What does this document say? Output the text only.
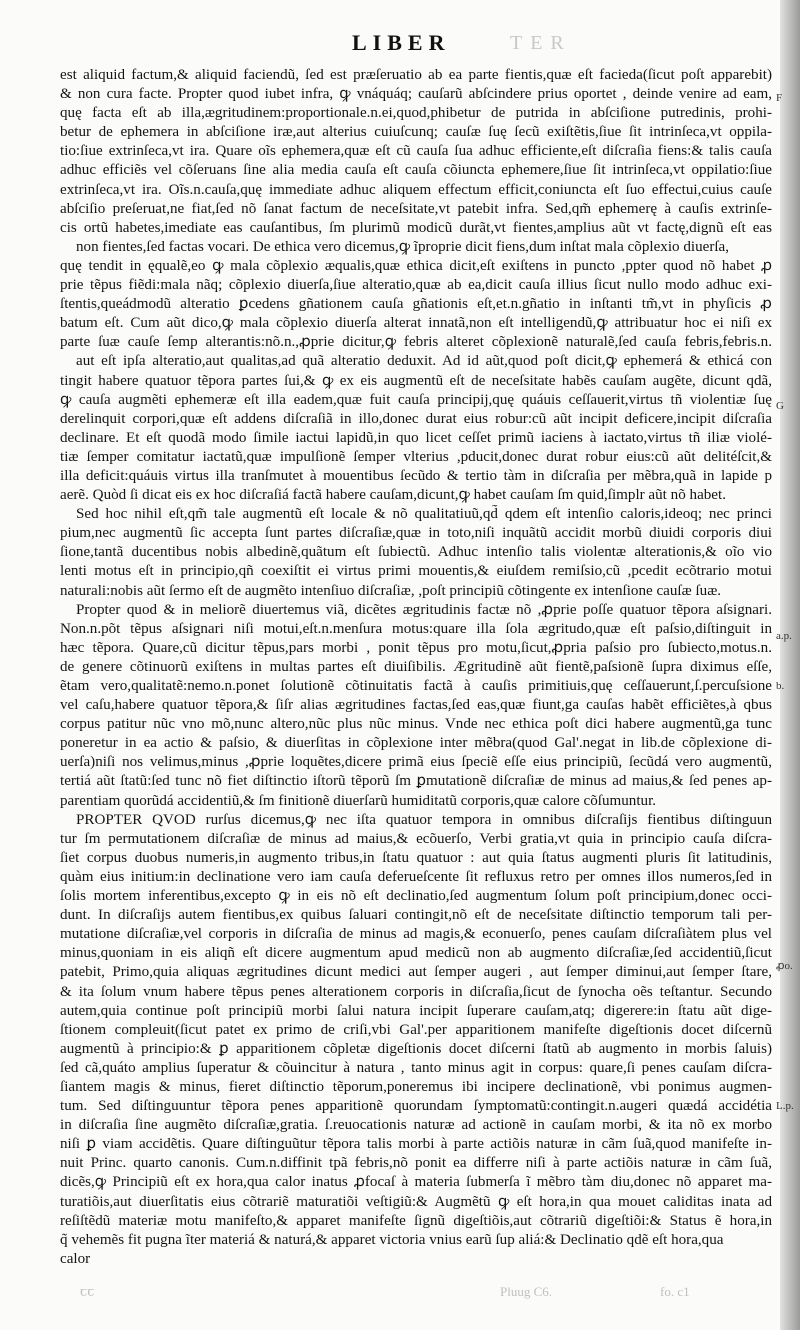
TER
LIBER
est aliquid factum,& aliquid faciendũ, ſed est præſeruatio ab ea parte fientis,quæ eſt facieda(ſicut poſt apparebit)
& non cura facte. Propter quod iubet infra, ꝙ vnáquáq; cauſarũ abſcindere prius oportet , deinde venire ad eam,
quę facta eſt ab illa,ægritudinem:proportionale.n.ei,quod,phibetur de putrida in abſciſione putredinis, prohi-
betur de ephemera in abſciſione iræ,aut alterius cuiuſcunq; cauſæ ſuę ſecũ exiſtẽtis,ſiue ſit intrinſeca,vt oppila-
tio:ſiue extrinſeca,vt ira. Quare oĩs ephemera,quæ eſt cũ cauſa ſua adhuc efficiente,eſt diſcraſia fiens:& talis cauſa
adhuc efficiẽs vel cõſeruans ſine alia media cauſa eſt cauſa cõiuncta ephemere,ſiue ſit intrinſeca,vt oppilatio:ſiue
extrinſeca,vt ira. Oĩs.n.cauſa,quę immediate adhuc aliquem effectum efficit,coniuncta eſt ſuo effectui,cuius cauſe
abſciſio preſeruat,ne fiat,ſed nõ ſanat factum de neceſsitate,vt patebit infra. Sed,qm̃ ephemerę à cauſis extrinſe-
cis ortũ habetes,imediate eas cauſantibus, ſm plurimũ modicũ durãt,vt fientes,amplius aũt vt factę,dignũ eſt eas
non fientes,ſed factas vocari. De ethica vero dicemus,ꝙ ĩproprie dicit fiens,dum inſtat mala cõplexio diuerſa,
quę tendit in ęqualẽ,eo ꝙ mala cõplexio æqualis,quæ ethica dicit,eſt exiſtens in puncto ,ppter quod nõ habet ꝓ
prie tẽpus fiẽdi:mala nãq; cõplexio diuerſa,ſiue alteratio,quæ ab ea,dicit cauſa illius ſicut nullo modo adhuc exi-
ſtentis,queádmodũ alteratio ꝑcedens gñationem cauſa gñationis eſt,et.n.gñatio in inſtanti tm̃,vt in phyſicis ꝓ
batum eſt. Cum aũt dico,ꝙ mala cõplexio diuerſa alterat innatã,non eſt intelligendũ,ꝙ attribuatur hoc ei niſi ex
parte ſuæ cauſe ſemp alterantis:nõ.n.,ꝓprie dicitur,ꝙ febris alteret cõplexionẽ naturalẽ,ſed cauſa febris,febris.n.
aut eſt ipſa alteratio,aut qualitas,ad quã alteratio deduxit. Ad id aũt,quod poſt dicit,ꝙ ephemerá & ethicá con
tingit habere quatuor tẽpora partes ſui,& ꝙ ex eis augmentũ eſt de neceſsitate habẽs cauſam augẽte, dicunt qdã,
ꝙ cauſa augmẽti ephemeræ eſt illa eadem,quæ fuit cauſa principij,quę quáuis ceſſauerit,virtus tñ violentiæ ſuę
derelinquit corpori,quæ eſt addens diſcraſiã in illo,donec durat eius robur:cũ aũt incipit deficere,incipit diſcraſia
declinare. Et eſt quodã modo ſimile iactui lapidũ,in quo licet ceſſet primũ iaciens à iactato,virtus tñ iliæ violé-
tiæ ſemper comitatur iactatũ,quæ impulſionẽ ſemper vlterius ,pducit,donec durat robur eius:cũ aũt delitéſcit,&
illa deficit:quáuis virtus illa tranſmutet à mouentibus ſecũdo & tertio tàm in diſcraſia per mẽbra,quã in lapide p
aerẽ. Quòd ſi dicat eis ex hoc diſcraſiá factã habere cauſam,dicunt,ꝙ habet cauſam ſm quid,ſimplr aũt nõ habet.
Sed hoc nihil eſt,qm̃ tale augmentũ eſt locale & nõ qualitatiuũ,qd̃ qdem eſt intenſio caloris,ideoq; nec princi
pium,nec augmentũ ſic accepta ſunt partes diſcraſiæ,quæ in toto,niſi inquãtũ accidit morbũ diuidi corporis diui
ſione,tantã ducentibus nobis albedinẽ,quãtum eſt ſubiectũ. Adhuc intenſio talis violentæ alterationis,& oĩo vio
lenti motus eſt in principio,qñ coexiſtit ei virtus primi mouentis,& eiuſdem remiſsio,cũ ,pcedit ecõtrario motui
naturali:nobis aũt ſermo eſt de augmẽto intenſiuo diſcraſiæ, ,poſt principiũ cõtingente ex intenſione cauſæ ſuæ.
Propter quod & in meliorẽ diuertemus viã, dicẽtes ægritudinis factæ nõ ,ꝓprie poſſe quatuor tẽpora aſsignari.
Non.n.põt tẽpus aſsignari niſi motui,eſt.n.menſura motus:quare illa ſola ægritudo,quæ eſt paſsio,diſtinguit in
hæc tẽpora. Quare,cũ dicitur tẽpus,pars morbi , ponit tẽpus pro motu,ſicut,ꝓpria paſsio pro ſubiecto,motus.n.
de genere cõtinuorũ exiſtens in multas partes eſt diuiſibilis. Ægritudinẽ aũt fientẽ,paſsionẽ ſupra diximus eſſe,
ẽtam vero,qualitatẽ:nemo.n.ponet ſolutionẽ cõtinuitatis factã à cauſis primitiuis,quę ceſſauerunt,ſ.percuſsione
vel caſu,habere quatuor tẽpora,& ſiſr alias ægritudines factas,ſed eas,quæ fiunt,ga cauſas habẽt efficiẽtes,à qbus
corpus patitur nũc vno mõ,nunc altero,nũc plus nũc minus. Vnde nec ethica poſt dici habere augmentũ,ga tunc
poneretur in ea actio & paſsio, & diuerſitas in cõplexione inter mẽbra(quod Gal'.negat in lib.de cõplexione di-
uerſa)niſi nos velimus,minus ,ꝓprie loquẽtes,dicere primã eius ſpeciẽ eſſe eius principiũ, ſecũdá vero augmentũ,
tertiá aũt ſtatũ:ſed tunc nõ fiet diſtinctio iſtorũ tẽporũ ſm ꝑmutationẽ diſcraſiæ de minus ad maius,& ſed penes ap-
parentiam quorũdá accidentiũ,& ſm finitionẽ diuerſarũ humiditatũ corporis,quæ calore cõſumuntur.
PROPTER QVOD rurſus dicemus,ꝙ nec iſta quatuor tempora in omnibus diſcraſijs fientibus diſtinguun
tur ſm permutationem diſcraſiæ de minus ad maius,& ecõuerſo, Verbi gratia,vt quia in principio cauſa diſcra-
ſiet corpus duobus numeris,in augmento tribus,in ſtatu quatuor : aut quia ſtatus augmenti pluris ſit latitudinis,
quàm eius initium:in declinatione vero iam cauſa deferueſcente ſit refluxus retro per omnes illos numeros,ſed in
ſolis mortem inferentibus,excepto ꝙ in eis nõ eſt declinatio,ſed augmentum ſolum poſt principium,donec occi-
dunt. In diſcraſijs autem fientibus,ex quibus ſaluari contingit,nõ eſt de neceſsitate diſtinctio temporum tali per-
mutatione diſcraſiæ,vel corporis in diſcraſia de minus ad magis,& econuerſo, penes cauſam diſcraſiàtem plus vel
minus,quoniam in eis aliqñ eſt dicere augmentum apud medicũ non ab augmento diſcraſiæ,ſed accidentiũ,ſicut
patebit, Primo,quia aliquas ægritudines dicunt medici aut ſemper augeri , aut ſemper diminui,aut ſemper ſtare,
& ita ſolum vnum habere tẽpus penes alterationem corporis in diſcraſia,ſicut de ſynocha oẽs teſtantur. Secundo
autem,quia continue poſt principiũ morbi ſalui natura incipit ſuperare cauſam,atq; digerere:in ſtatu aũt dige-
ſtionem compleuit(ſicut patet ex primo de criſi,vbi Gal'.per apparitionem manifeſte digeſtionis docet diſcernũ
augmentũ à principio:& ꝑ apparitionem cõpletæ digeſtionis docet diſcerni ſtatũ ab augmento in morbis ſaluis)
ſed cã,quáto amplius ſuperatur & cõuincitur à natura , tanto minus agit in corpus: quare,ſi penes cauſam diſcra-
ſiantem magis & minus, fieret diſtinctio tẽporum,poneremus ibi incipere declinationẽ, vbi ponimus augmen-
tum. Sed diſtinguuntur tẽpora penes apparitionẽ quorundam ſymptomatũ:contingit.n.augeri quædá accidétia
in diſcraſia ſine augmẽto diſcraſiæ,gratia. ſ.reuocationis naturæ ad actionẽ in cauſam morbi, & ita nõ ex morbo
niſi ꝑ viam accidẽtis. Quare diſtinguũtur tẽpora talis morbi à parte actiõis naturæ in cãm ſuã,quod manifeſte in-
nuit Princ. quarto canonis. Cum.n.diffinit tpã febris,nõ ponit ea differre niſi à parte actiõis naturæ in cãm ſuã,
dicẽs,ꝙ Principiũ eſt ex hora,qua calor inatus ꝓfocaſ à materia ſubmerſa ĩ mẽbro tàm diu,donec nõ apparet ma-
turatiõis,aut diuerſitatis eius cõtrariẽ maturatiõi veſtigiũ:& Augmẽtũ ꝙ eſt hora,in qua mouet caliditas inata ad
reſiſtẽdũ materiæ motu manifeſto,& apparet manifeſte ſignũ digeſtiõis,aut cõtrariũ digeſtiõi:& Status ẽ hora,in
q̃ vehemẽs fit pugna ĩter materiá & naturá,& apparet victoria vnius earũ ſup aliá:& Declinatio qdẽ eſt hora,qua
calor
F
G
a.p.
b.
ꝓo.
L.p.
ꞇꞇ	Pluug C6.	fo. c1
